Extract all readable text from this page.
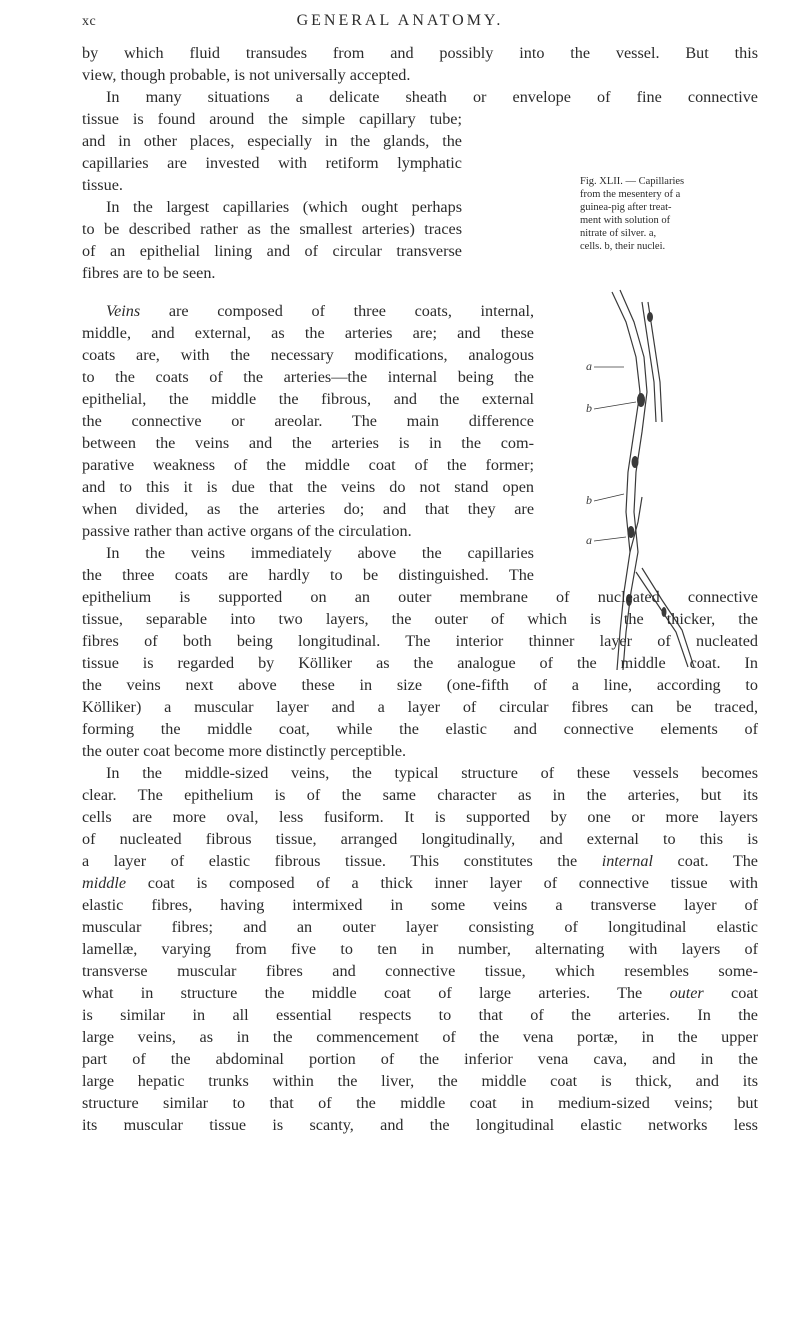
xc	GENERAL ANATOMY.
Fig. XLII. — Capillaries
from the mesentery of a
guinea-pig after treat-
ment with solution of
nitrate of silver. a,
cells. b, their nuclei.
a
b
b
a
by which fluid transudes from and possibly into the vessel. But this
view, though probable, is not universally accepted.
In many situations a delicate sheath or envelope of fine connective
tissue is found around the simple capillary tube;
and in other places, especially in the glands, the
capillaries are invested with retiform lymphatic
tissue.
In the largest capillaries (which ought perhaps
to be described rather as the smallest arteries) traces
of an epithelial lining and of circular transverse
fibres are to be seen.
Veins are composed of three coats, internal,
middle, and external, as the arteries are; and these
coats are, with the necessary modifications, analogous
to the coats of the arteries—the internal being the
epithelial, the middle the fibrous, and the external
the connective or areolar. The main difference
between the veins and the arteries is in the com-
parative weakness of the middle coat of the former;
and to this it is due that the veins do not stand open
when divided, as the arteries do; and that they are
passive rather than active organs of the circulation.
In the veins immediately above the capillaries
the three coats are hardly to be distinguished. The
epithelium is supported on an outer membrane of nucleated connective
tissue, separable into two layers, the outer of which is the thicker, the
fibres of both being longitudinal. The interior thinner layer of nucleated
tissue is regarded by Kölliker as the analogue of the middle coat. In
the veins next above these in size (one-fifth of a line, according to
Kölliker) a muscular layer and a layer of circular fibres can be traced,
forming the middle coat, while the elastic and connective elements of
the outer coat become more distinctly perceptible.
In the middle-sized veins, the typical structure of these vessels becomes
clear. The epithelium is of the same character as in the arteries, but its
cells are more oval, less fusiform. It is supported by one or more layers
of nucleated fibrous tissue, arranged longitudinally, and external to this is
a layer of elastic fibrous tissue. This constitutes the internal coat. The
middle coat is composed of a thick inner layer of connective tissue with
elastic fibres, having intermixed in some veins a transverse layer of
muscular fibres; and an outer layer consisting of longitudinal elastic
lamellæ, varying from five to ten in number, alternating with layers of
transverse muscular fibres and connective tissue, which resembles some-
what in structure the middle coat of large arteries. The outer coat
is similar in all essential respects to that of the arteries. In the
large veins, as in the commencement of the vena portæ, in the upper
part of the abdominal portion of the inferior vena cava, and in the
large hepatic trunks within the liver, the middle coat is thick, and its
structure similar to that of the middle coat in medium-sized veins; but
its muscular tissue is scanty, and the longitudinal elastic networks less
